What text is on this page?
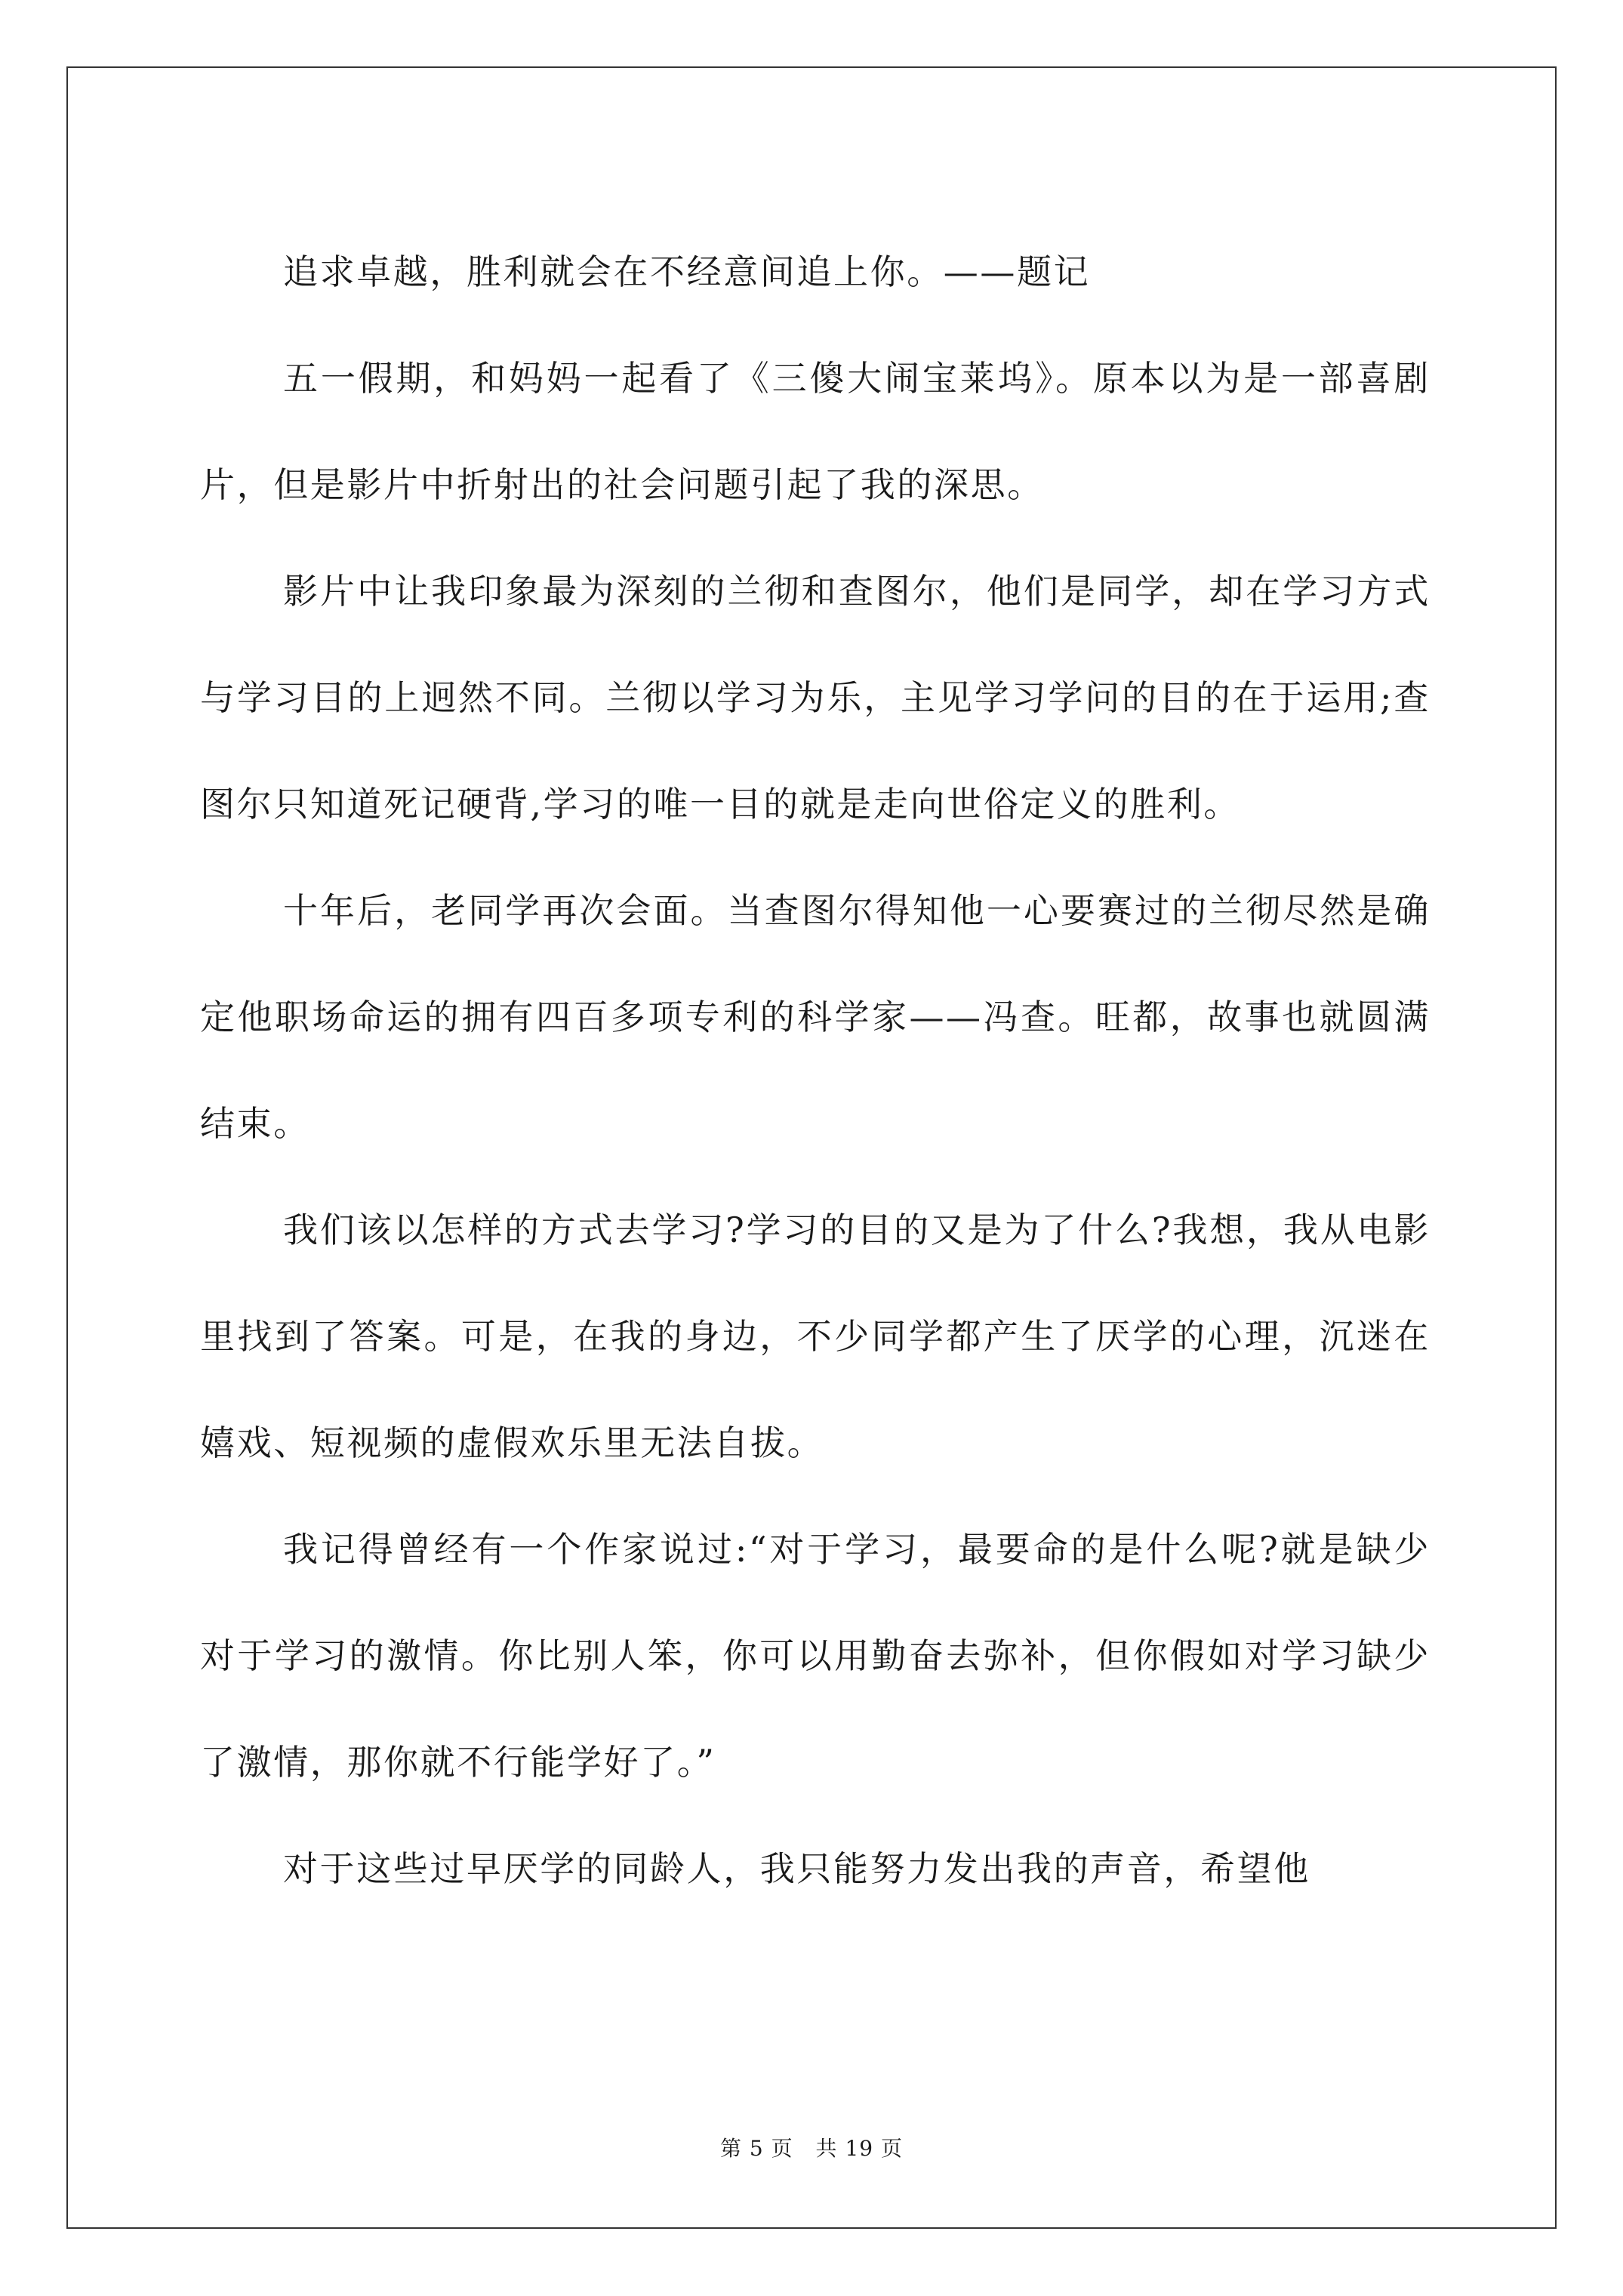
追求卓越，胜利就会在不经意间追上你。——题记

五一假期，和妈妈一起看了《三傻大闹宝莱坞》。原本以为是一部喜剧片，但是影片中折射出的社会问题引起了我的深思。

影片中让我印象最为深刻的兰彻和查图尔，他们是同学，却在学习方式与学习目的上迥然不同。兰彻以学习为乐，主见学习学问的目的在于运用;查图尔只知道死记硬背,学习的唯一目的就是走向世俗定义的胜利。

十年后，老同学再次会面。当查图尔得知他一心要赛过的兰彻尽然是确定他职场命运的拥有四百多项专利的科学家——冯查。旺都，故事也就圆满结束。

我们该以怎样的方式去学习?学习的目的又是为了什么?我想，我从电影里找到了答案。可是，在我的身边，不少同学都产生了厌学的心理，沉迷在嬉戏、短视频的虚假欢乐里无法自拔。

我记得曾经有一个作家说过:“对于学习，最要命的是什么呢?就是缺少对于学习的激情。你比别人笨，你可以用勤奋去弥补，但你假如对学习缺少了激情，那你就不行能学好了。”

对于这些过早厌学的同龄人，我只能努力发出我的声音，希望他

第 5 页 共 19 页
